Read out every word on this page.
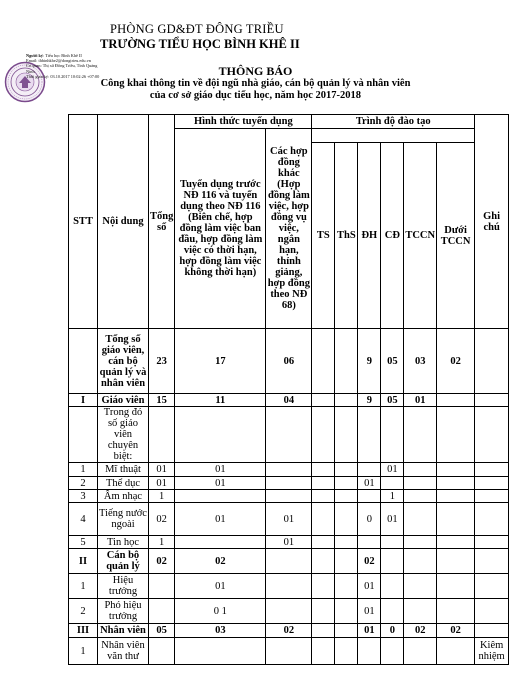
PHÒNG GD&ĐT ĐÔNG TRIỀU
TRƯỜNG TIỂU HỌC BÌNH KHÊ II
Người ký: Tiểu học Bình Khê II
Email: thbinhkhe2@dongtrieu.edu.vn
Cơ quan: Thị xã Đông Triều, Tỉnh Quảng Ninh
Thời gian ký: 03.10.2017 10:02:26 +07:00	THÔNG BÁO
Công khai thông tin về đội ngũ nhà giáo, cán bộ quản lý và nhân viên
của cơ sở giáo dục tiểu học, năm học 2017-2018
STT	Nội dung	Tổng số	Hình thức tuyển dụng		Trình độ đào tạo						Ghi chú
			Tuyển dụng trước NĐ 116 và tuyển dụng theo NĐ 116 (Biên chế, hợp đồng làm việc ban đầu, hợp đồng làm việc có thời hạn, hợp đồng làm việc không thời hạn)	Các hợp đồng khác (Hợp đồng làm việc, hợp đồng vụ việc, ngắn hạn, thỉnh giảng, hợp đồng theo NĐ 68)							
					TS	ThS	ĐH	CĐ	TCCN	Dưới TCCN	
	Tổng số giáo viên, cán bộ quản lý và nhân viên	23	17	06			9	05	03	02	
I	Giáo viên	15	11	04			9	05	01		
	Trong đó số giáo viên chuyên biệt:										
1	Mĩ thuật	01	01					01			
2	Thể dục	01	01				01				
3	Âm nhạc	1						1			
4	Tiếng nước ngoài	02	01	01			0	01			
5	Tin học	1		01							
II	Cán bộ quản lý	02	02				02				
1	Hiệu trưởng		01				01				
2	Phó hiệu trưởng		0 1				01				
III	Nhân viên	05	03	02			01	0	02	02	
1	Nhân viên văn thư										Kiêm nhiệm
